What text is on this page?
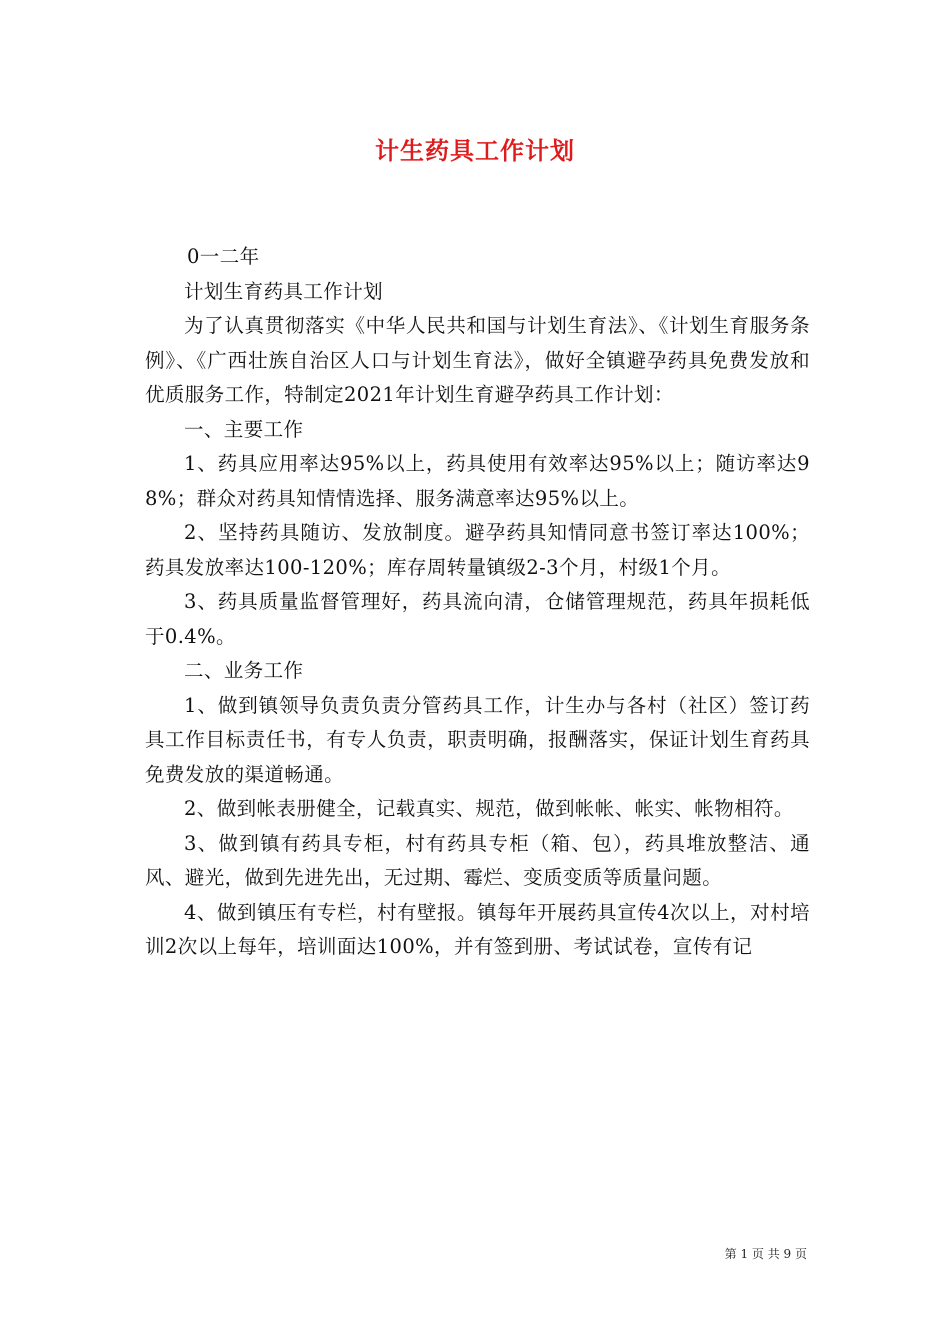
计生药具工作计划

0一二年

计划生育药具工作计划

为了认真贯彻落实《中华人民共和国与计划生育法》、《计划生育服务条例》、《广西壮族自治区人口与计划生育法》，做好全镇避孕药具免费发放和优质服务工作，特制定2021年计划生育避孕药具工作计划：

一、主要工作

1、药具应用率达95%以上，药具使用有效率达95%以上；随访率达98%；群众对药具知情情选择、服务满意率达95%以上。

2、坚持药具随访、发放制度。避孕药具知情同意书签订率达100%；药具发放率达100-120%；库存周转量镇级2-3个月，村级1个月。

3、药具质量监督管理好，药具流向清，仓储管理规范，药具年损耗低于0.4%。

二、业务工作

1、做到镇领导负责负责分管药具工作，计生办与各村（社区）签订药具工作目标责任书，有专人负责，职责明确，报酬落实，保证计划生育药具免费发放的渠道畅通。

2、做到帐表册健全，记载真实、规范，做到帐帐、帐实、帐物相符。

3、做到镇有药具专柜，村有药具专柜（箱、包），药具堆放整洁、通风、避光，做到先进先出，无过期、霉烂、变质变质等质量问题。

4、做到镇压有专栏，村有壁报。镇每年开展药具宣传4次以上，对村培训2次以上每年，培训面达100%，并有签到册、考试试卷，宣传有记

第 1 页 共 9 页
